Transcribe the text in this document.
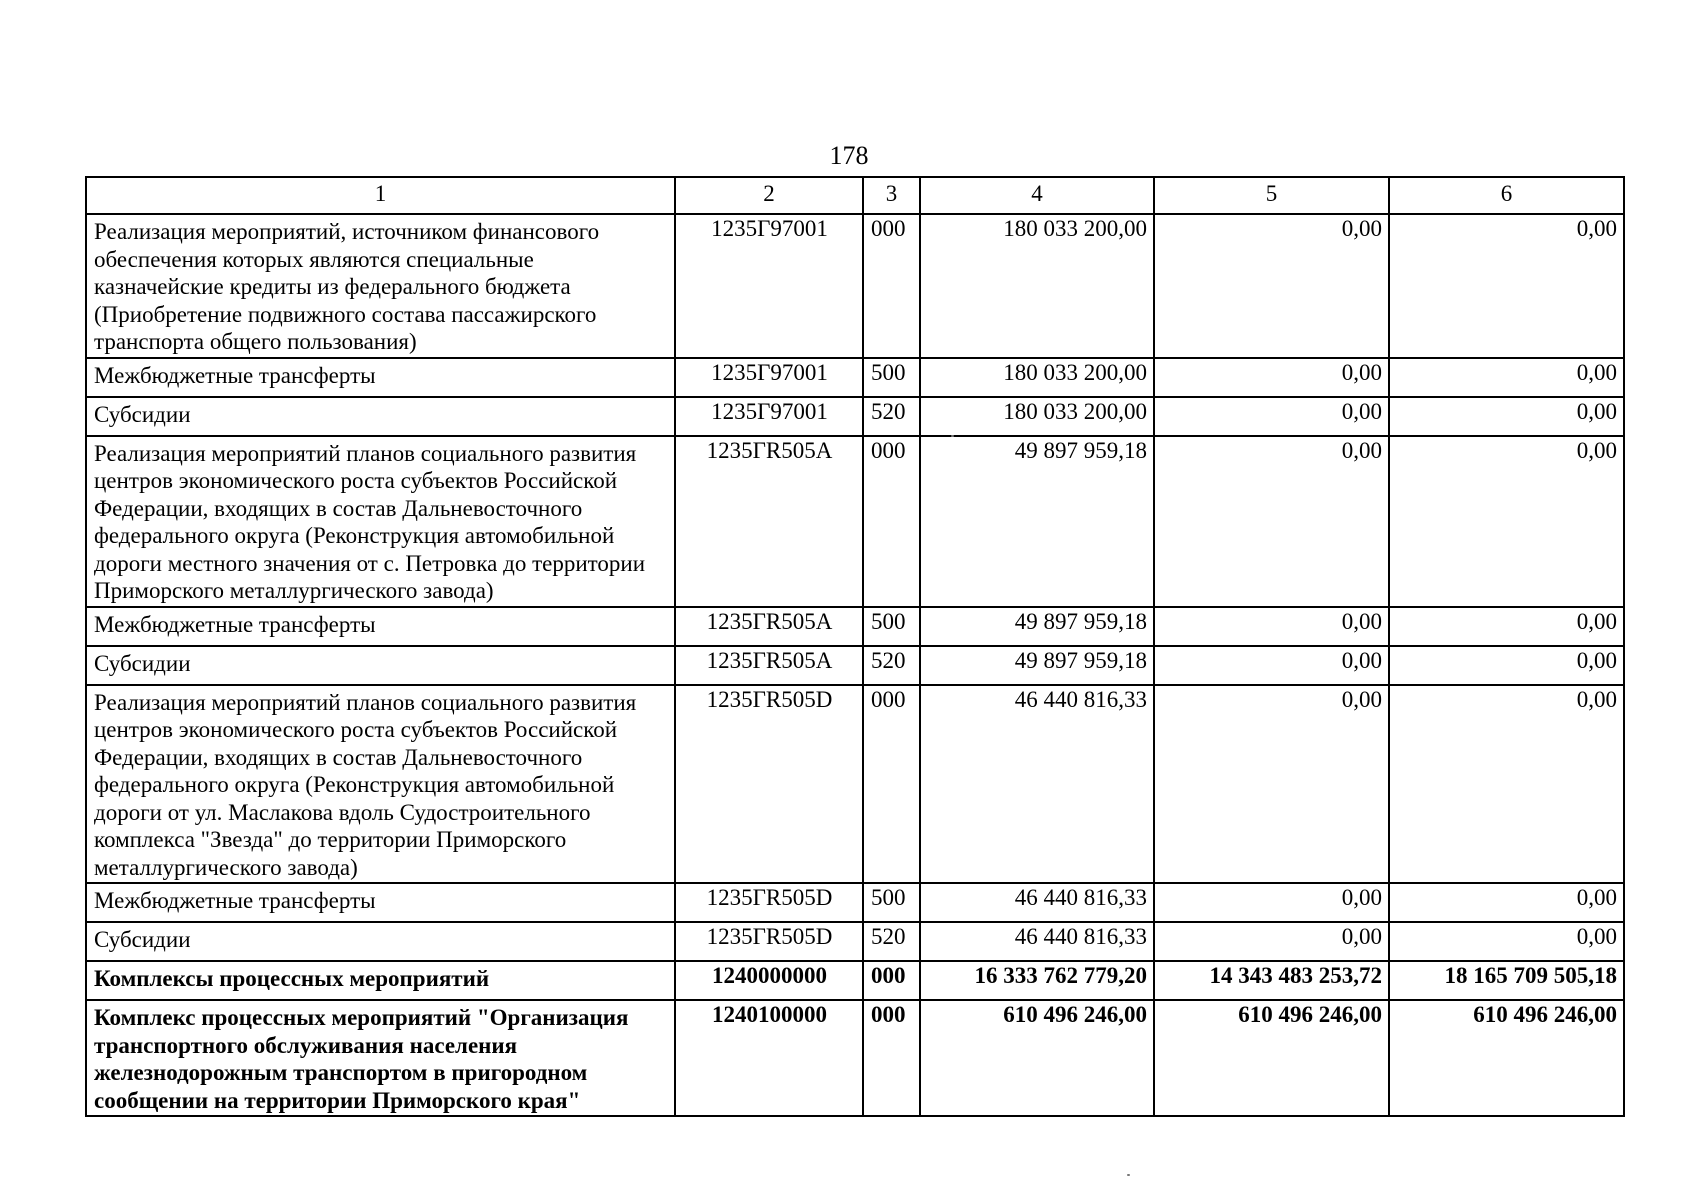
178
1	2	3	4	5	6
Реализация мероприятий, источником финансового обеспечения которых являются специальные казначейские кредиты из федерального бюджета (Приобретение подвижного состава пассажирского транспорта общего пользования)	1235Г97001	000	180 033 200,00	0,00	0,00
Межбюджетные трансферты	1235Г97001	500	180 033 200,00	0,00	0,00
Субсидии	1235Г97001	520	180 033 200,00	0,00	0,00
Реализация мероприятий планов социального развития центров экономического роста субъектов Российской Федерации, входящих в состав Дальневосточного федерального округа (Реконструкция автомобильной дороги местного значения от с. Петровка до территории Приморского металлургического завода)	1235ГR505A	000	49 897 959,18	0,00	0,00
Межбюджетные трансферты	1235ГR505A	500	49 897 959,18	0,00	0,00
Субсидии	1235ГR505A	520	49 897 959,18	0,00	0,00
Реализация мероприятий планов социального развития центров экономического роста субъектов Российской Федерации, входящих в состав Дальневосточного федерального округа (Реконструкция автомобильной дороги от ул. Маслакова вдоль Судостроительного комплекса "Звезда" до территории Приморского металлургического завода)	1235ГR505D	000	46 440 816,33	0,00	0,00
Межбюджетные трансферты	1235ГR505D	500	46 440 816,33	0,00	0,00
Субсидии	1235ГR505D	520	46 440 816,33	0,00	0,00
Комплексы процессных мероприятий	1240000000	000	16 333 762 779,20	14 343 483 253,72	18 165 709 505,18
Комплекс процессных мероприятий "Организация транспортного обслуживания населения железнодорожным транспортом в пригородном сообщении на территории Приморского края"	1240100000	000	610 496 246,00	610 496 246,00	610 496 246,00
